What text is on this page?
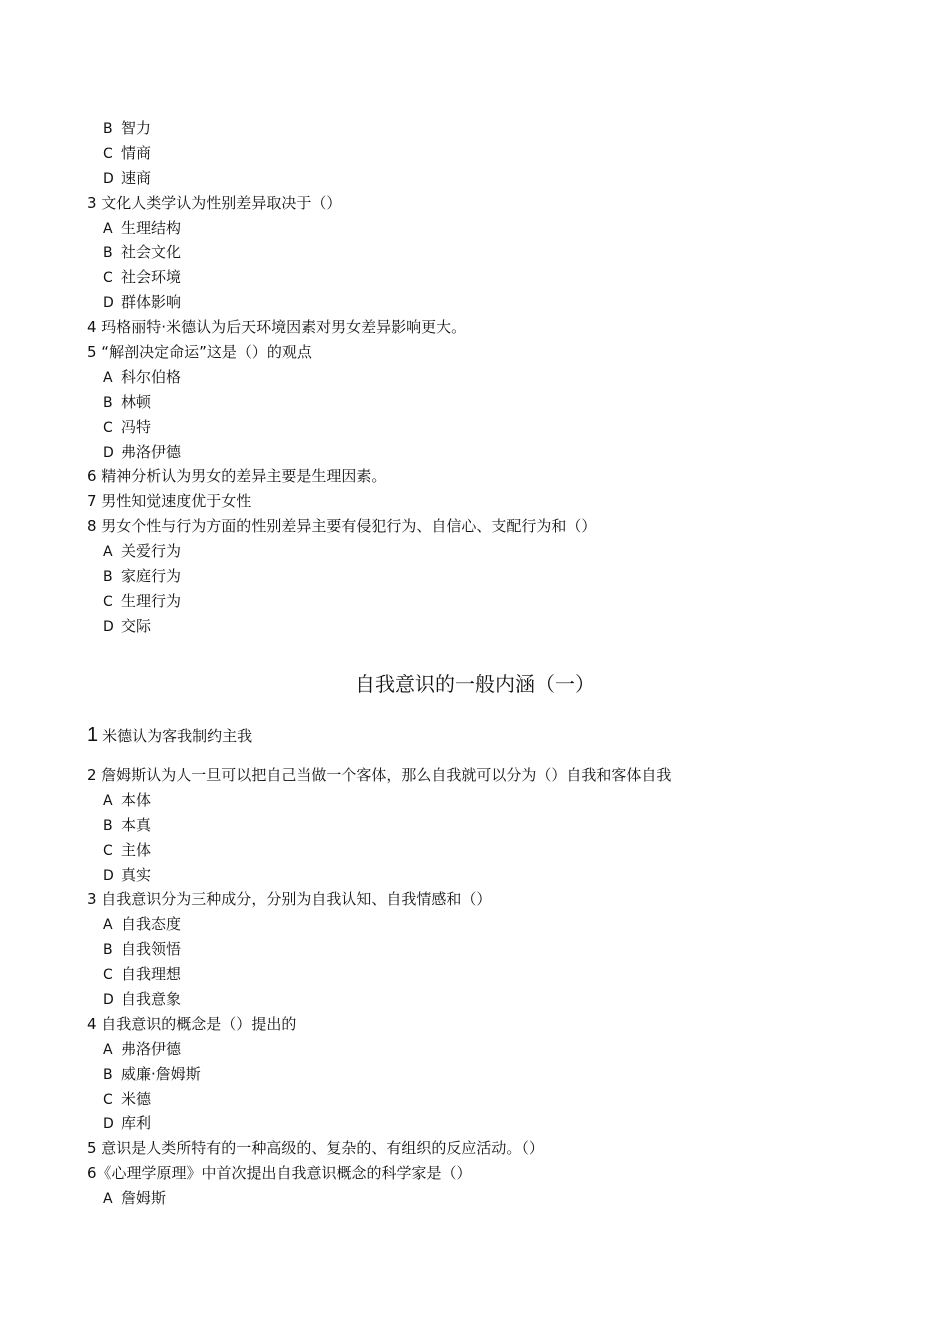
B 智力
C 情商
D 速商
3 文化人类学认为性别差异取决于（）
A 生理结构
B 社会文化
C 社会环境
D 群体影响
4 玛格丽特·米德认为后天环境因素对男女差异影响更大。
5 “解剖决定命运”这是（）的观点
A 科尔伯格
B 林顿
C 冯特
D 弗洛伊德
6 精神分析认为男女的差异主要是生理因素。
7 男性知觉速度优于女性
8 男女个性与行为方面的性别差异主要有侵犯行为、自信心、支配行为和（）
A 关爱行为
B 家庭行为
C 生理行为
D 交际
自我意识的一般内涵（一）
1 米德认为客我制约主我
2 詹姆斯认为人一旦可以把自己当做一个客体，那么自我就可以分为（）自我和客体自我
A 本体
B 本真
C 主体
D 真实
3 自我意识分为三种成分，分别为自我认知、自我情感和（）
A 自我态度
B 自我领悟
C 自我理想
D 自我意象
4 自我意识的概念是（）提出的
A 弗洛伊德
B 威廉·詹姆斯
C 米德
D 库利
5 意识是人类所特有的一种高级的、复杂的、有组织的反应活动。（）
6《心理学原理》中首次提出自我意识概念的科学家是（）
A 詹姆斯
